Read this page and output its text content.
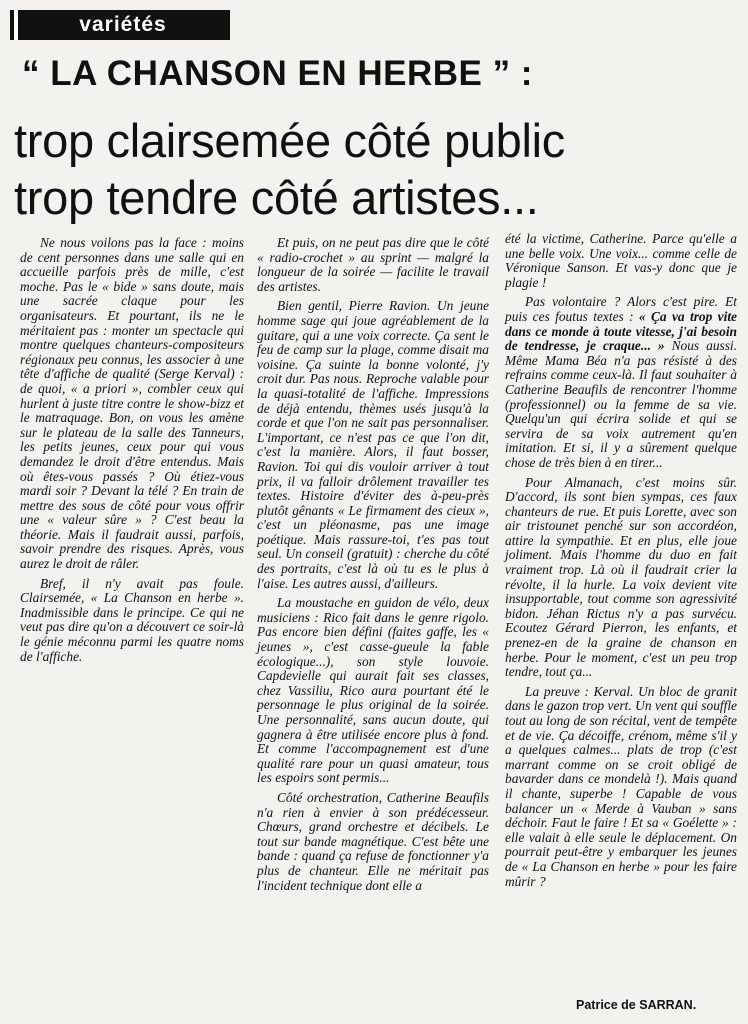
variétés
“ LA CHANSON EN HERBE ” :
trop clairsemée côté public
trop tendre côté artistes...

Ne nous voilons pas la face : moins de cent personnes dans une salle qui en accueille parfois près de mille, c'est moche. Pas le « bide » sans doute, mais une sacrée claque pour les organisateurs. Et pourtant, ils ne le méritaient pas : monter un spectacle qui montre quelques chanteurs-compositeurs régionaux peu connus, les associer à une tête d'affiche de qualité (Serge Kerval) : de quoi, « a priori », combler ceux qui hurlent à juste titre contre le show-bizz et le matraquage. Bon, on vous les amène sur le plateau de la salle des Tanneurs, les petits jeunes, ceux pour qui vous demandez le droit d'être entendus. Mais où êtes-vous passés ? Où étiez-vous mardi soir ? Devant la télé ? En train de mettre des sous de côté pour vous offrir une « valeur sûre » ? C'est beau la théorie. Mais il faudrait aussi, parfois, savoir prendre des risques. Après, vous aurez le droit de râler.

Bref, il n'y avait pas foule. Clairsemée, « La Chanson en herbe ». Inadmissible dans le principe. Ce qui ne veut pas dire qu'on a découvert ce soir-là le génie méconnu parmi les quatre noms de l'affiche.

Et puis, on ne peut pas dire que le côté « radio-crochet » au sprint — malgré la longueur de la soirée — facilite le travail des artistes.

Bien gentil, Pierre Ravion. Un jeune homme sage qui joue agréablement de la guitare, qui a une voix correcte. Ça sent le feu de camp sur la plage, comme disait ma voisine. Ça suinte la bonne volonté, j'y croit dur. Pas nous. Reproche valable pour la quasi-totalité de l'affiche. Impressions de déjà entendu, thèmes usés jusqu'à la corde et que l'on ne sait pas personnaliser. L'important, ce n'est pas ce que l'on dit, c'est la manière. Alors, il faut bosser, Ravion. Toi qui dis vouloir arriver à tout prix, il va falloir drôlement travailler tes textes. Histoire d'éviter des à-peu-près plutôt gênants « Le firmament des cieux », c'est un pléonasme, pas une image poétique. Mais rassure-toi, t'es pas tout seul. Un conseil (gratuit) : cherche du côté des portraits, c'est là où tu es le plus à l'aise. Les autres aussi, d'ailleurs.

La moustache en guidon de vélo, deux musiciens : Rico fait dans le genre rigolo. Pas encore bien défini (faites gaffe, les « jeunes », c'est casse-gueule la fable écologique...), son style louvoie. Capdevielle qui aurait fait ses classes, chez Vassiliu, Rico aura pourtant été le personnage le plus original de la soirée. Une personnalité, sans aucun doute, qui gagnera à être utilisée encore plus à fond. Et comme l'accompagnement est d'une qualité rare pour un quasi amateur, tous les espoirs sont permis...

Côté orchestration, Catherine Beaufils n'a rien à envier à son prédécesseur. Chœurs, grand orchestre et décibels. Le tout sur bande magnétique. C'est bête une bande : quand ça refuse de fonctionner y'a plus de chanteur. Elle ne méritait pas l'incident technique dont elle a

été la victime, Catherine. Parce qu'elle a une belle voix. Une voix... comme celle de Véronique Sanson. Et vas-y donc que je plagie !

Pas volontaire ? Alors c'est pire. Et puis ces foutus textes : « Ça va trop vite dans ce monde à toute vitesse, j'ai besoin de tendresse, je craque... » Nous aussi. Même Mama Béa n'a pas résisté à des refrains comme ceux-là. Il faut souhaiter à Catherine Beaufils de rencontrer l'homme (professionnel) ou la femme de sa vie. Quelqu'un qui écrira solide et qui se servira de sa voix autrement qu'en imitation. Et si, il y a sûrement quelque chose de très bien à en tirer...

Pour Almanach, c'est moins sûr. D'accord, ils sont bien sympas, ces faux chanteurs de rue. Et puis Lorette, avec son air tristounet penché sur son accordéon, attire la sympathie. Et en plus, elle joue joliment. Mais l'homme du duo en fait vraiment trop. Là où il faudrait crier la révolte, il la hurle. La voix devient vite insupportable, tout comme son agressivité bidon. Jéhan Rictus n'y a pas survécu. Ecoutez Gérard Pierron, les enfants, et prenez-en de la graine de chanson en herbe. Pour le moment, c'est un peu trop tendre, tout ça...

La preuve : Kerval. Un bloc de granit dans le gazon trop vert. Un vent qui souffle tout au long de son récital, vent de tempête et de vie. Ça décoiffe, crénom, même s'il y a quelques calmes... plats de trop (c'est marrant comme on se croit obligé de bavarder dans ce mondelà !). Mais quand il chante, superbe ! Capable de vous balancer un « Merde à Vauban » sans déchoir. Faut le faire ! Et sa « Goélette » : elle valait à elle seule le déplacement. On pourrait peut-être y embarquer les jeunes de « La Chanson en herbe » pour les faire mûrir ?

Patrice de SARRAN.
